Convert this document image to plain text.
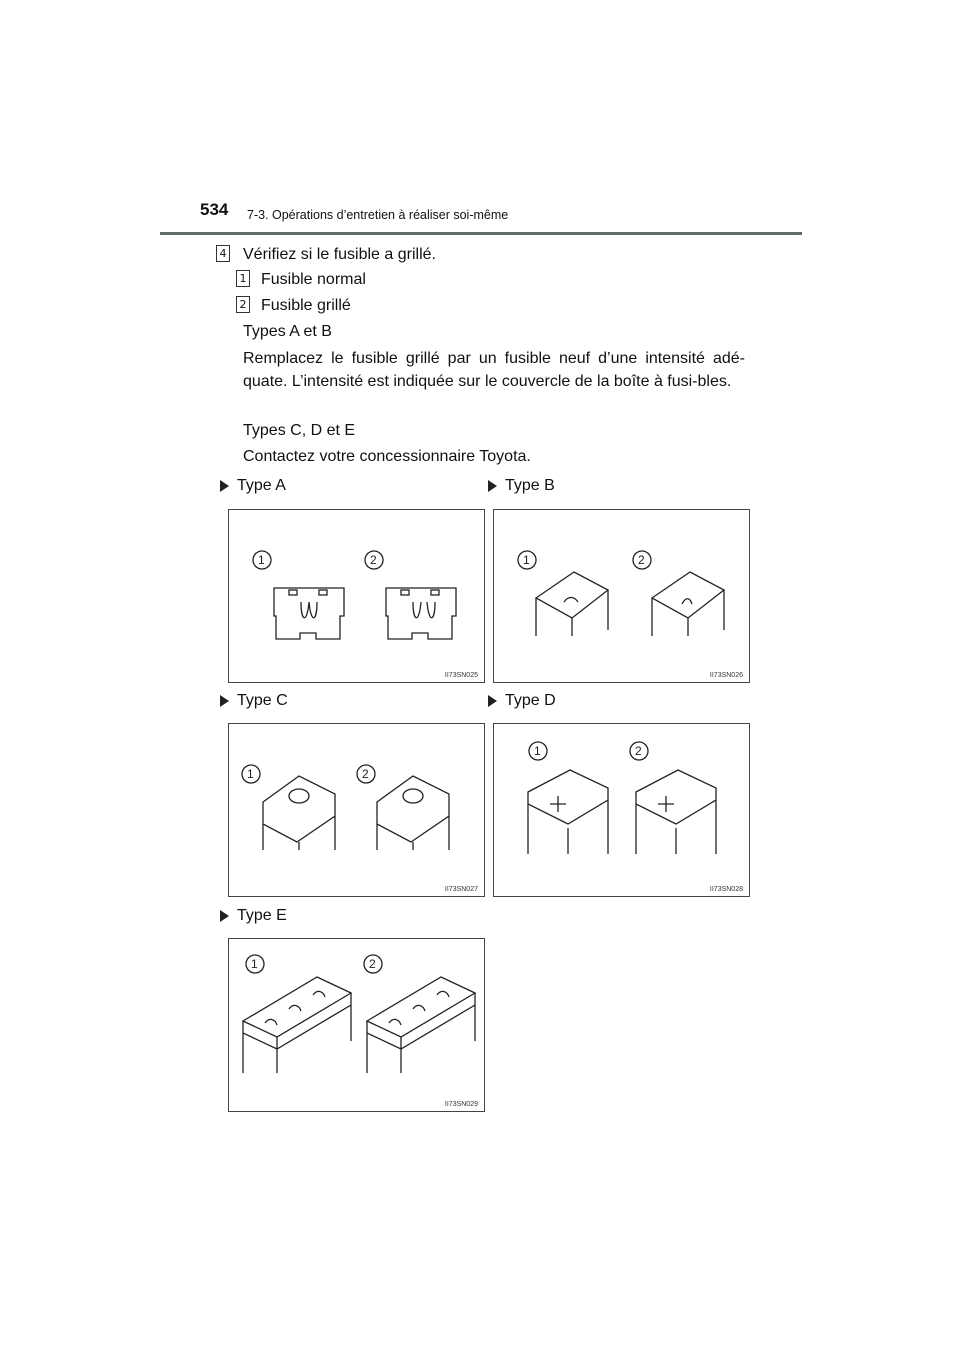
534 7-3. Opérations d’entretien à réaliser soi-même
4 Vérifiez si le fusible a grillé.
1 Fusible normal
2 Fusible grillé
Types A et B
Remplacez le fusible grillé par un fusible neuf d’une intensité adé-quate. L’intensité est indiquée sur le couvercle de la boîte à fusi-bles.
Types C, D et E
Contactez votre concessionnaire Toyota.
Type A
1	2
II73SN025
Type B
1	2
II73SN026
Type C
1	2
II73SN027
Type D
1	2
II73SN028
Type E
1	2
II73SN029
